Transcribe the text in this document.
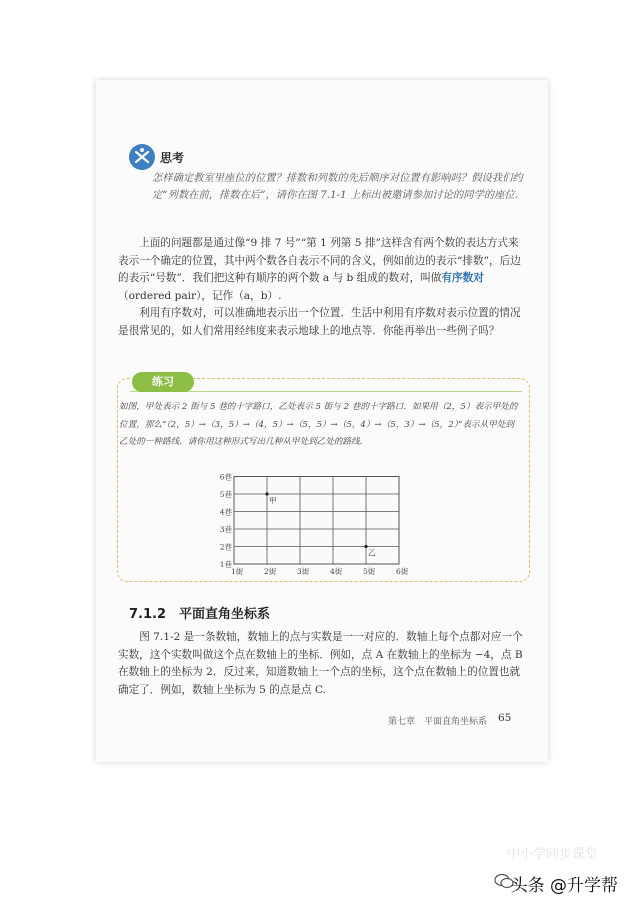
思考
怎样确定教室里座位的位置？排数和列数的先后顺序对位置有影响吗？假设我们约定“列数在前，排数在后”，请你在图 7.1-1 上标出被邀请参加讨论的同学的座位．
上面的问题都是通过像“9 排 7 号”“第 1 列第 5 排”这样含有两个数的表达方式来表示一个确定的位置，其中两个数各自表示不同的含义，例如前边的表示“排数”，后边的表示“号数”．我们把这种有顺序的两个数 a 与 b 组成的数对，叫做有序数对（ordered pair），记作（a，b）.
利用有序数对，可以准确地表示出一个位置．生活中利用有序数对表示位置的情况是很常见的，如人们常用经纬度来表示地球上的地点等．你能再举出一些例子吗？
练习
如图，甲处表示 2 街与 5 巷的十字路口，乙处表示 5 街与 2 巷的十字路口．如果用（2，5）表示甲处的位置，那么“（2，5）→（3，5）→（4，5）→（5，5）→（5，4）→（5，3）→（5，2）”表示从甲处到乙处的一种路线．请你用这种形式写出几种从甲处到乙处的路线．
1街	2街	3街	4街	5街	6街
1巷
2巷
3巷
4巷
5巷
6巷
甲
乙
7.1.2　平面直角坐标系
图 7.1-2 是一条数轴，数轴上的点与实数是一一对应的．数轴上每个点都对应一个实数，这个实数叫做这个点在数轴上的坐标．例如，点 A 在数轴上的坐标为 −4，点 B 在数轴上的坐标为 2．反过来，知道数轴上一个点的坐标，这个点在数轴上的位置也就确定了．例如，数轴上坐标为 5 的点是点 C.
第七章　平面直角坐标系 65
中小学同步课堂
头条 @升学帮
